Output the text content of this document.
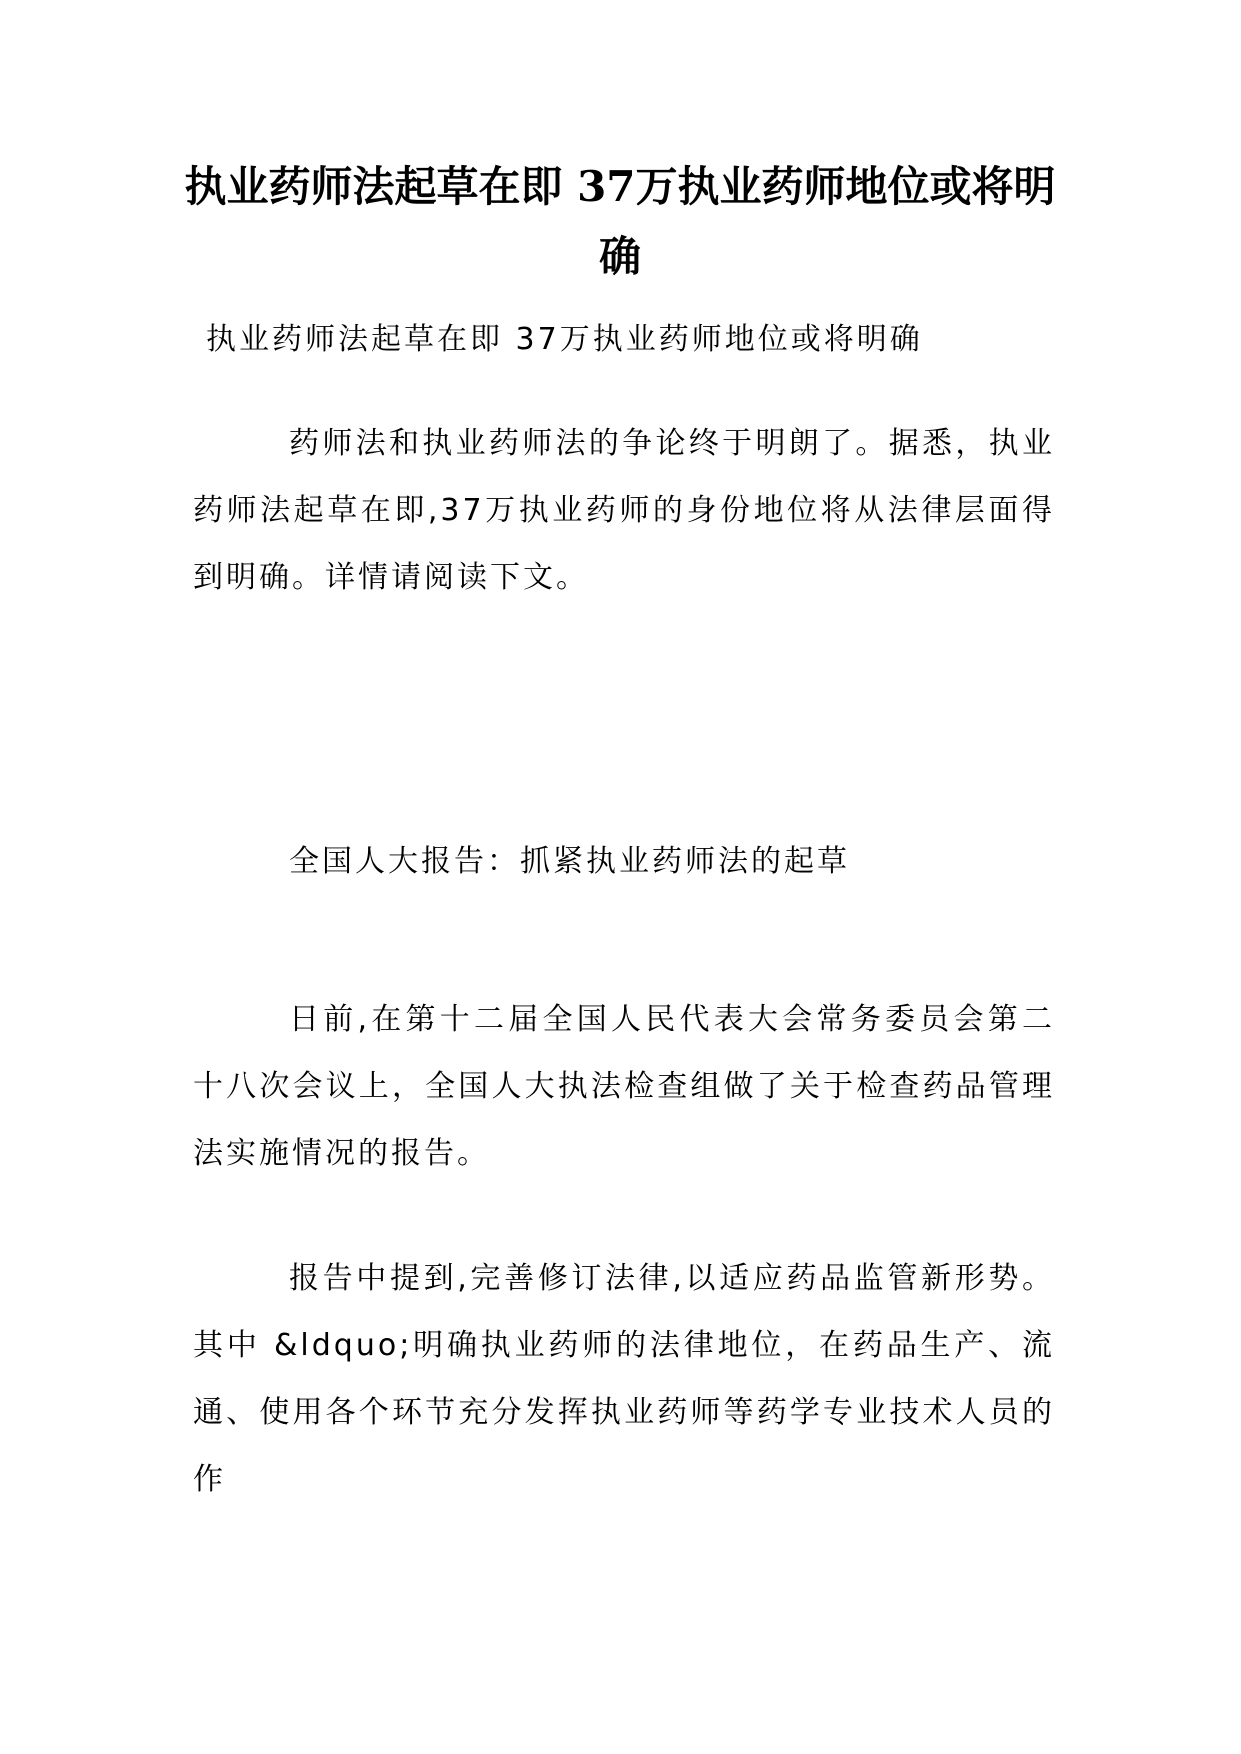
执业药师法起草在即 37万执业药师地位或将明确

执业药师法起草在即 37万执业药师地位或将明确

药师法和执业药师法的争论终于明朗了。据悉，执业药师法起草在即,37万执业药师的身份地位将从法律层面得到明确。详情请阅读下文。

全国人大报告：抓紧执业药师法的起草

日前,在第十二届全国人民代表大会常务委员会第二十八次会议上，全国人大执法检查组做了关于检查药品管理法实施情况的报告。

报告中提到,完善修订法律,以适应药品监管新形势。其中 &ldquo;明确执业药师的法律地位，在药品生产、流通、使用各个环节充分发挥执业药师等药学专业技术人员的作
